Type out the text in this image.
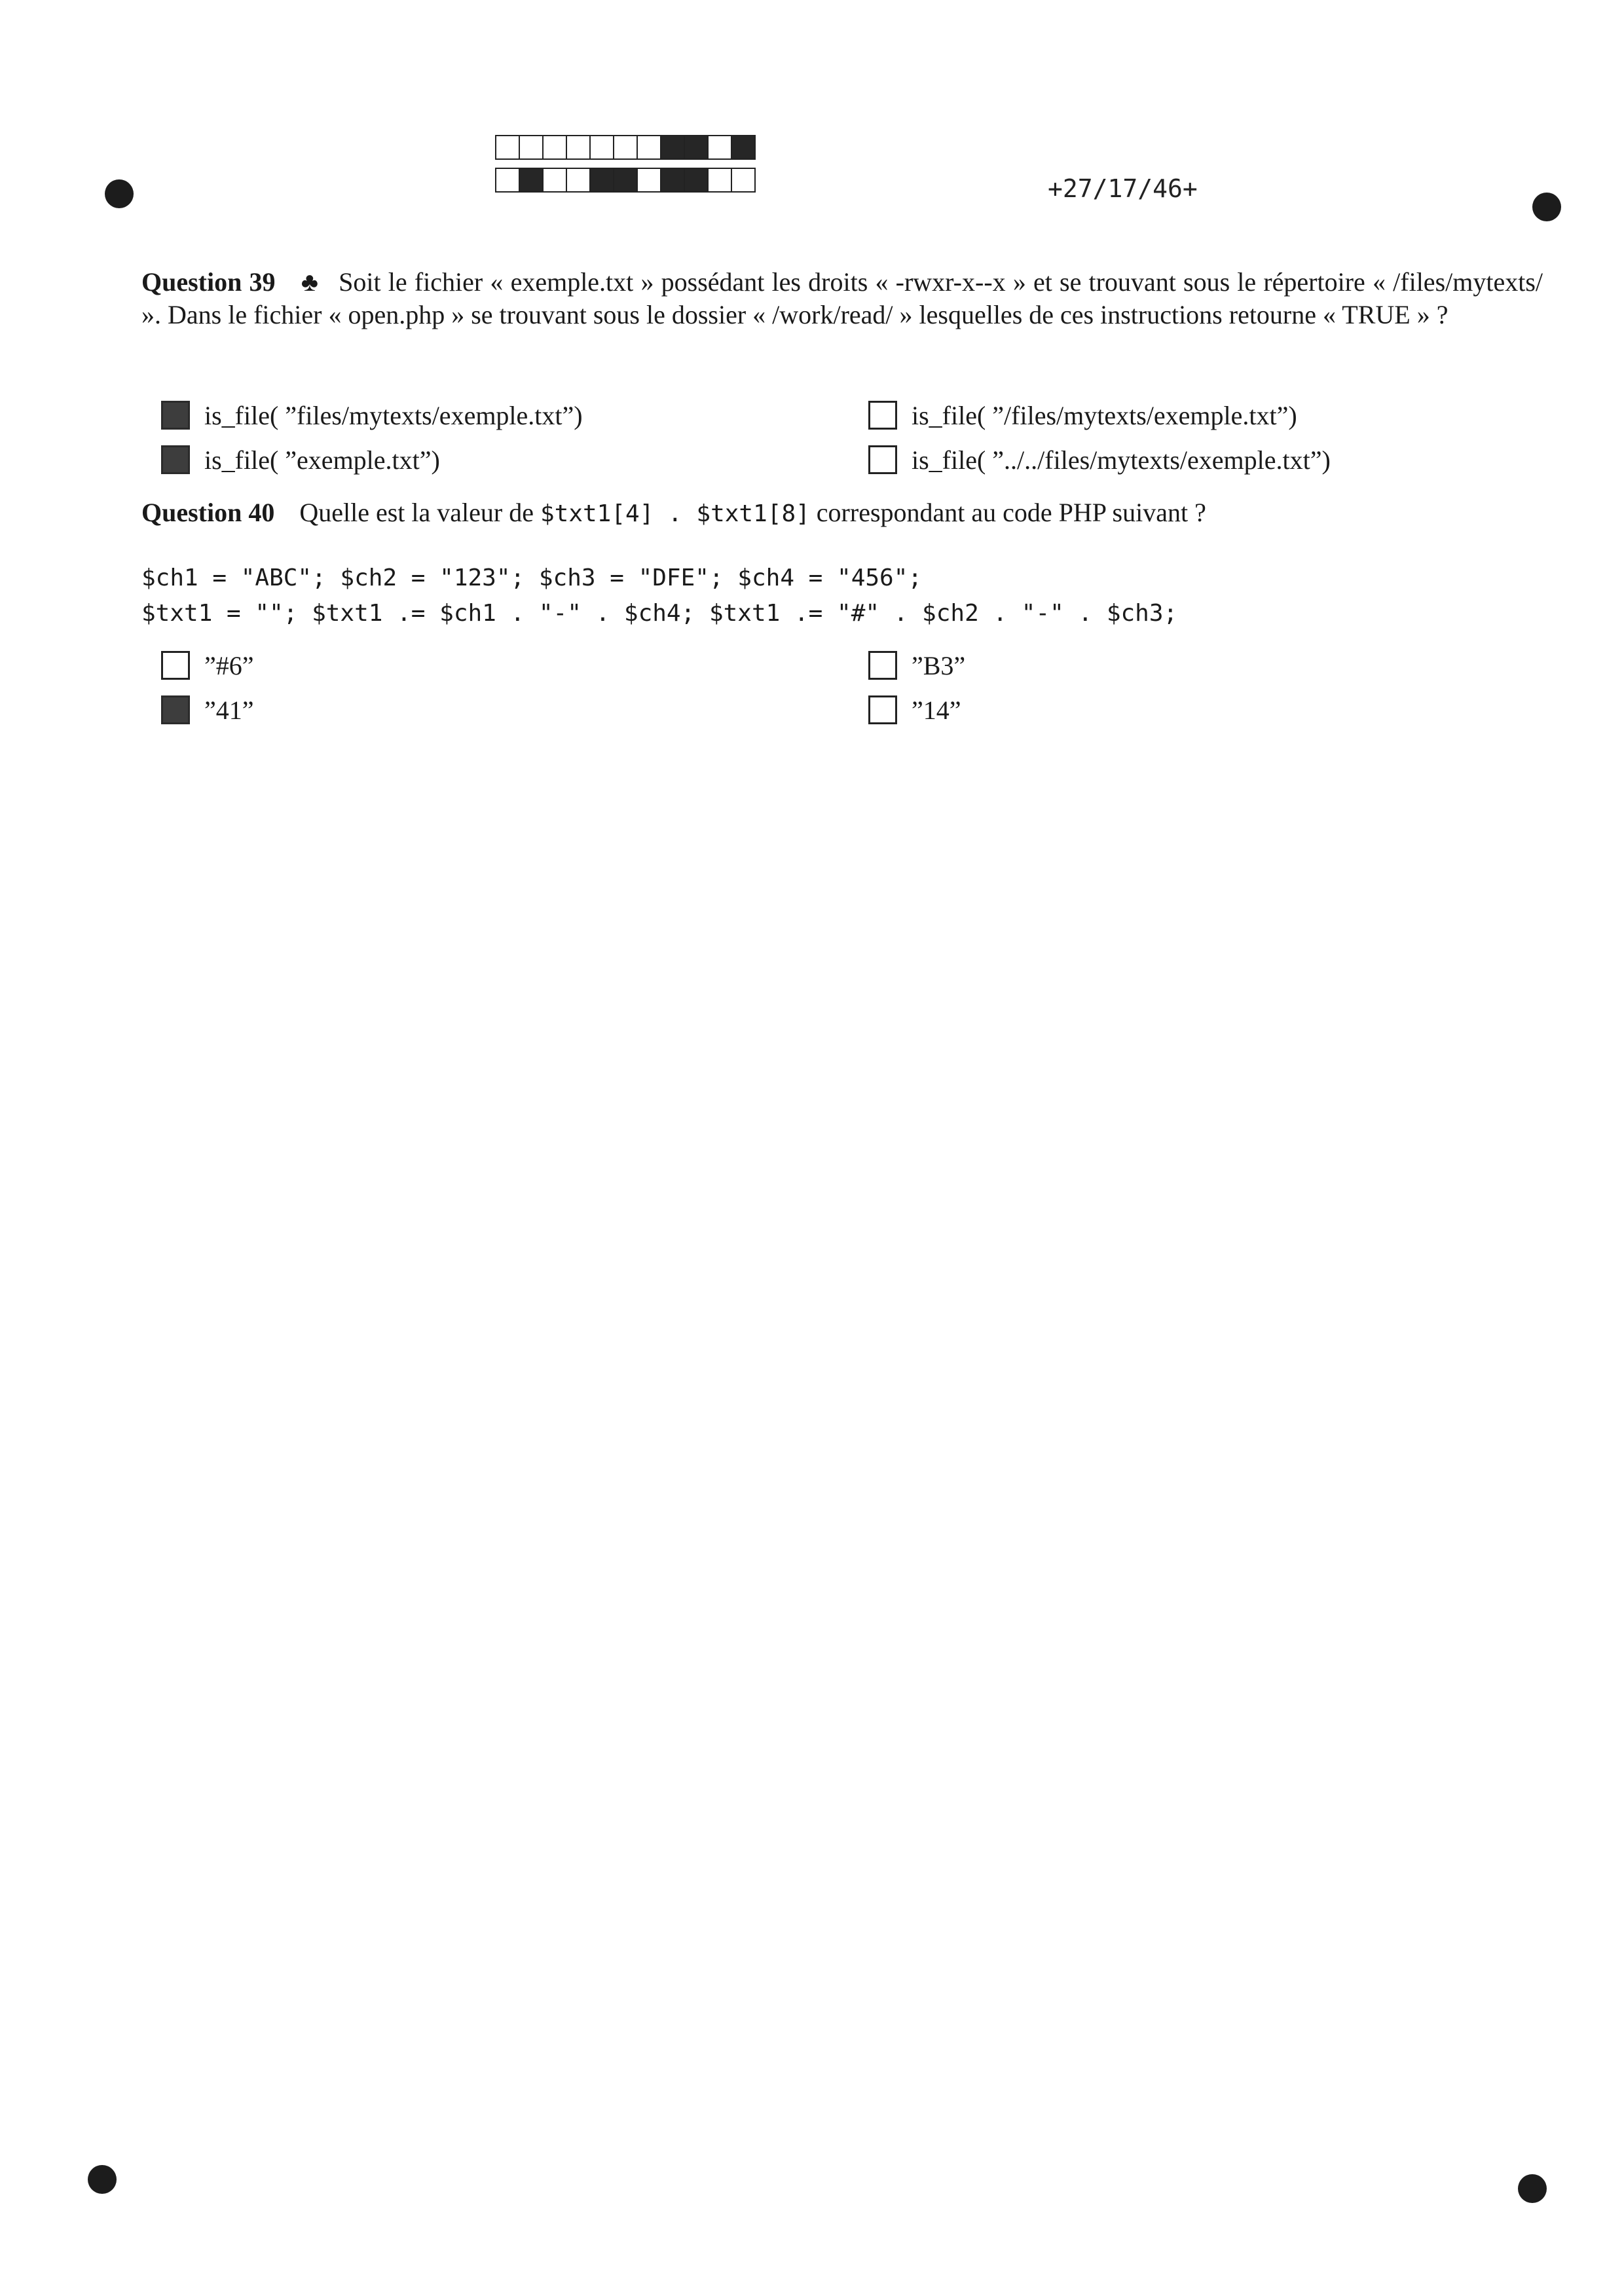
+27/17/46+
Question 39 ♣ Soit le fichier « exemple.txt » possédant les droits « -rwxr-x--x » et se trouvant sous le répertoire « /files/mytexts/ ». Dans le fichier « open.php » se trouvant sous le dossier « /work/read/ » lesquelles de ces instructions retourne « TRUE » ?
is_file( ”files/mytexts/exemple.txt”)	is_file( ”/files/mytexts/exemple.txt”)
is_file( ”exemple.txt”)	is_file( ”../../files/mytexts/exemple.txt”)
Question 40 Quelle est la valeur de $txt1[4] . $txt1[8] correspondant au code PHP suivant ?
$ch1 = "ABC"; $ch2 = "123"; $ch3 = "DFE"; $ch4 = "456";
$txt1 = ""; $txt1 .= $ch1 . "-" . $ch4; $txt1 .= "#" . $ch2 . "-" . $ch3;
”#6”	”B3”
”41”	”14”
